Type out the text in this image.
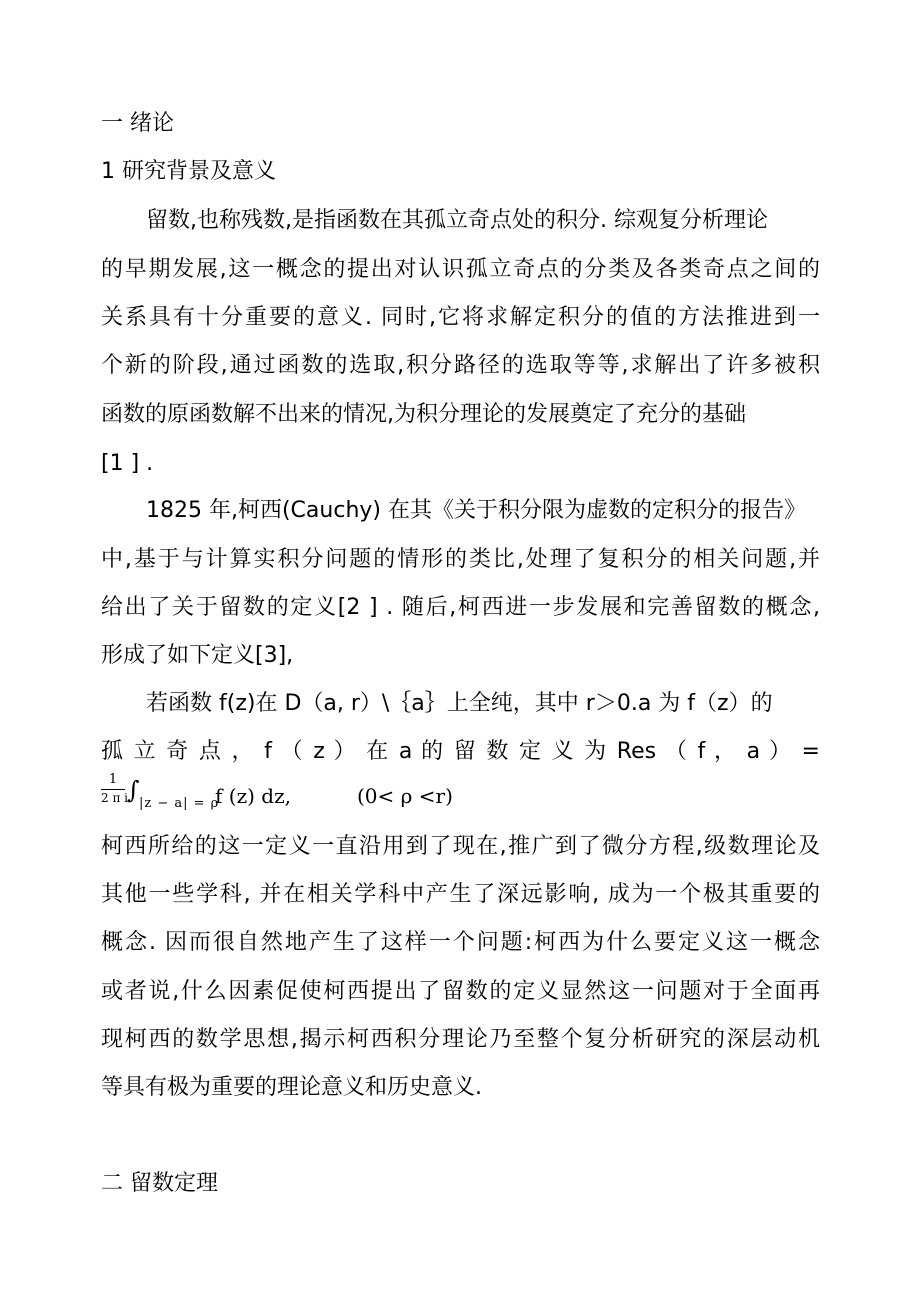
一 绪论
1 研究背景及意义
留数,也称残数,是指函数在其孤立奇点处的积分. 综观复分析理论
的早期发展,这一概念的提出对认识孤立奇点的分类及各类奇点之间的
关系具有十分重要的意义. 同时,它将求解定积分的值的方法推进到一
个新的阶段,通过函数的选取,积分路径的选取等等,求解出了许多被积
函数的原函数解不出来的情况,为积分理论的发展奠定了充分的基础
[1 ] .
1825 年,柯西(Cauchy) 在其《关于积分限为虚数的定积分的报告》
中,基于与计算实积分问题的情形的类比,处理了复积分的相关问题,并
给出了关于留数的定义[2 ] . 随后,柯西进一步发展和完善留数的概念,
形成了如下定义[3],
若函数 f(z)在 D（a, r）\｛a｝上全纯，其中 r＞0.a 为 f（z）的
孤 立 奇 点 ， f （ z ） 在 a 的 留 数 定 义 为 Res （ f ， a ） =
$\frac{1}{\text{2 π i}}$ ∫ |z − a| = ρ
f (z) dz,	(0< ρ <r)
柯西所给的这一定义一直沿用到了现在,推广到了微分方程,级数理论及
其他一些学科, 并在相关学科中产生了深远影响, 成为一个极其重要的
概念. 因而很自然地产生了这样一个问题:柯西为什么要定义这一概念
或者说,什么因素促使柯西提出了留数的定义显然这一问题对于全面再
现柯西的数学思想,揭示柯西积分理论乃至整个复分析研究的深层动机
等具有极为重要的理论意义和历史意义.
二 留数定理
